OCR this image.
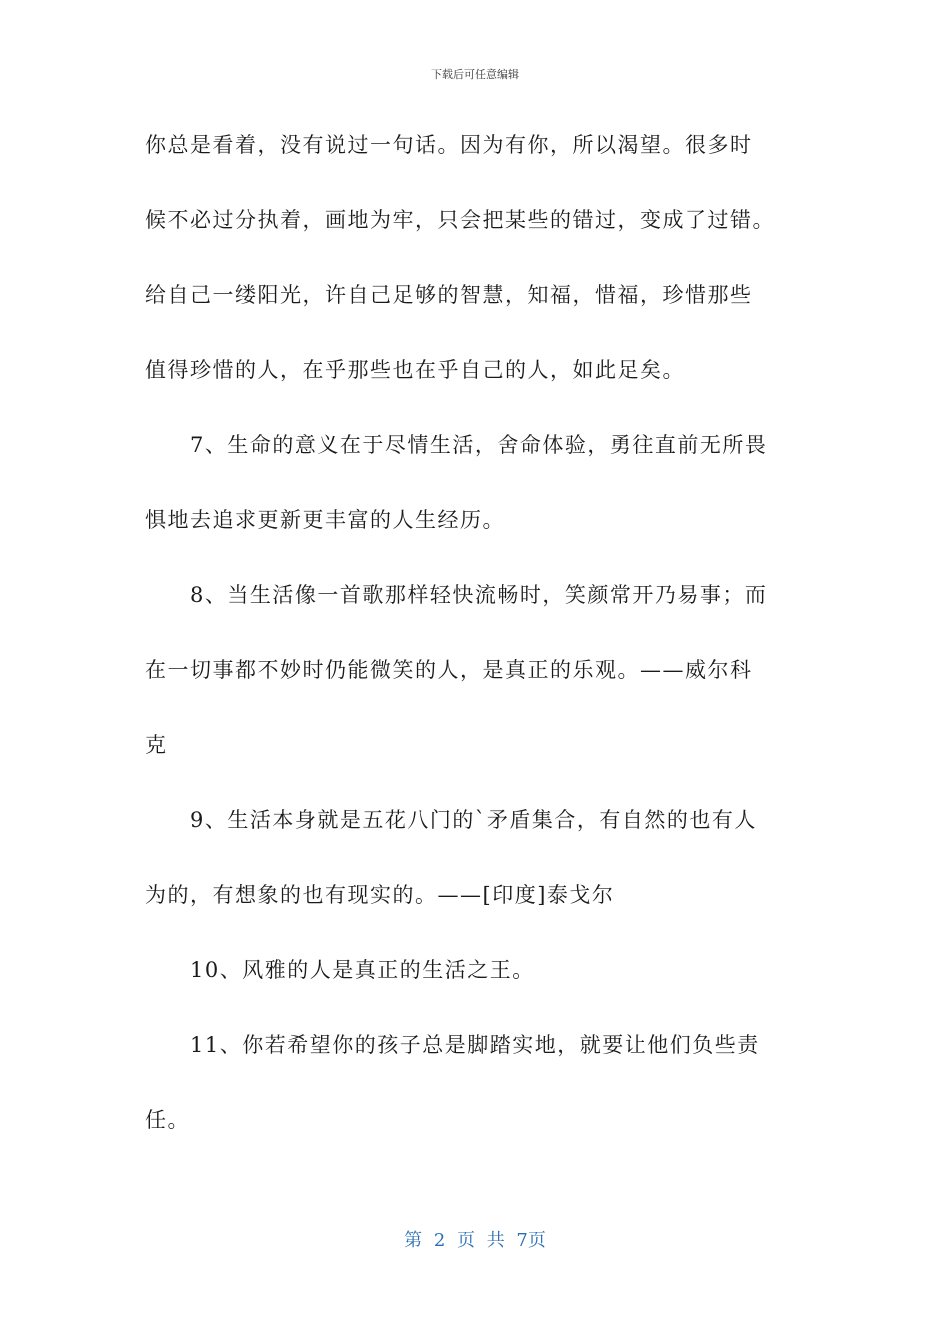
下载后可任意编辑
你总是看着，没有说过一句话。因为有你，所以渴望。很多时
候不必过分执着，画地为牢，只会把某些的错过，变成了过错。
给自己一缕阳光，许自己足够的智慧，知福，惜福，珍惜那些
值得珍惜的人，在乎那些也在乎自己的人，如此足矣。
7、生命的意义在于尽情生活，舍命体验，勇往直前无所畏
惧地去追求更新更丰富的人生经历。
8、当生活像一首歌那样轻快流畅时，笑颜常开乃易事；而
在一切事都不妙时仍能微笑的人，是真正的乐观。——威尔科
克
9、生活本身就是五花八门的`矛盾集合，有自然的也有人
为的，有想象的也有现实的。——[印度]泰戈尔
10、风雅的人是真正的生活之王。
11、你若希望你的孩子总是脚踏实地，就要让他们负些责
任。
第 2 页 共 7页
